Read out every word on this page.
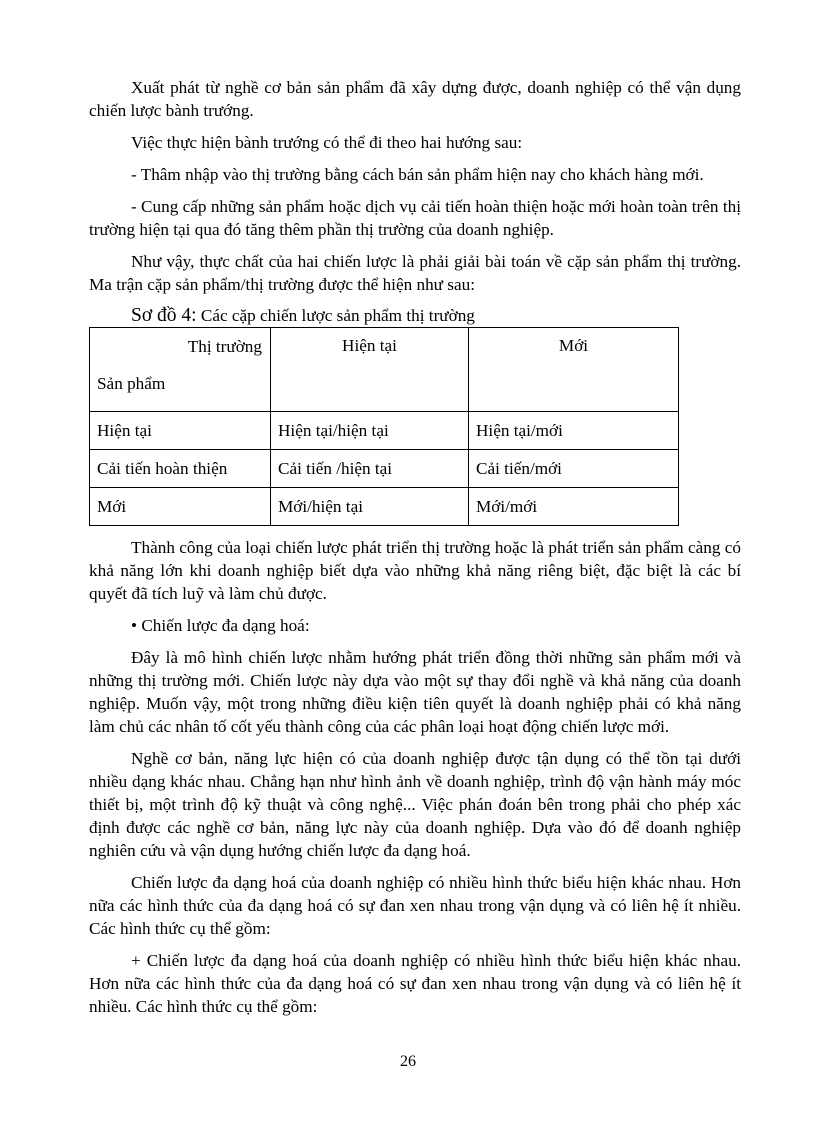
Xuất phát từ nghề cơ bản sản phẩm đã xây dựng được, doanh nghiệp có thể vận dụng chiến lược bành trướng.

Việc thực hiện bành trướng có thể đi theo hai hướng sau:

- Thâm nhập vào thị trường bằng cách bán sản phẩm hiện nay cho khách hàng mới.

- Cung cấp những sản phẩm hoặc dịch vụ cải tiến hoàn thiện hoặc mới hoàn toàn trên thị trường hiện tại qua đó tăng thêm phần thị trường của doanh nghiệp.

Như vậy, thực chất của hai chiến lược là phải giải bài toán về cặp sản phẩm thị trường. Ma trận cặp sản phẩm/thị trường được thể hiện như sau:

Sơ đồ 4: Các cặp chiến lược sản phẩm thị trường
Thị trường
Sản phẩm	Hiện tại	Mới
Hiện tại	Hiện tại/hiện tại	Hiện tại/mới
Cải tiến hoàn thiện	Cải tiến /hiện tại	Cải tiến/mới
Mới	Mới/hiện tại	Mới/mới

Thành công của loại chiến lược phát triển thị trường hoặc là phát triển sản phẩm càng có khả năng lớn khi doanh nghiệp biết dựa vào những khả năng riêng biệt, đặc biệt là các bí quyết đã tích luỹ và làm chủ được.

• Chiến lược đa dạng hoá:

Đây là mô hình chiến lược nhằm hướng phát triển đồng thời những sản phẩm mới và những thị trường mới. Chiến lược này dựa vào một sự thay đổi nghề và khả năng của doanh nghiệp. Muốn vậy, một trong những điều kiện tiên quyết là doanh nghiệp phải có khả năng làm chủ các nhân tố cốt yếu thành công của các phân loại hoạt động chiến lược mới.

Nghề cơ bản, năng lực hiện có của doanh nghiệp được tận dụng có thể tồn tại dưới nhiều dạng khác nhau. Chẳng hạn như hình ảnh về doanh nghiệp, trình độ vận hành máy móc thiết bị, một trình độ kỹ thuật và công nghệ... Việc phán đoán bên trong phải cho phép xác định được các nghề cơ bản, năng lực này của doanh nghiệp. Dựa vào đó để doanh nghiệp nghiên cứu và vận dụng hướng chiến lược đa dạng hoá.

Chiến lược đa dạng hoá của doanh nghiệp có nhiều hình thức biểu hiện khác nhau. Hơn nữa các hình thức của đa dạng hoá có sự đan xen nhau trong vận dụng và có liên hệ ít nhiều. Các hình thức cụ thể gồm:

+ Chiến lược đa dạng hoá của doanh nghiệp có nhiều hình thức biểu hiện khác nhau. Hơn nữa các hình thức của đa dạng hoá có sự đan xen nhau trong vận dụng và có liên hệ ít nhiều. Các hình thức cụ thể gồm:

26
